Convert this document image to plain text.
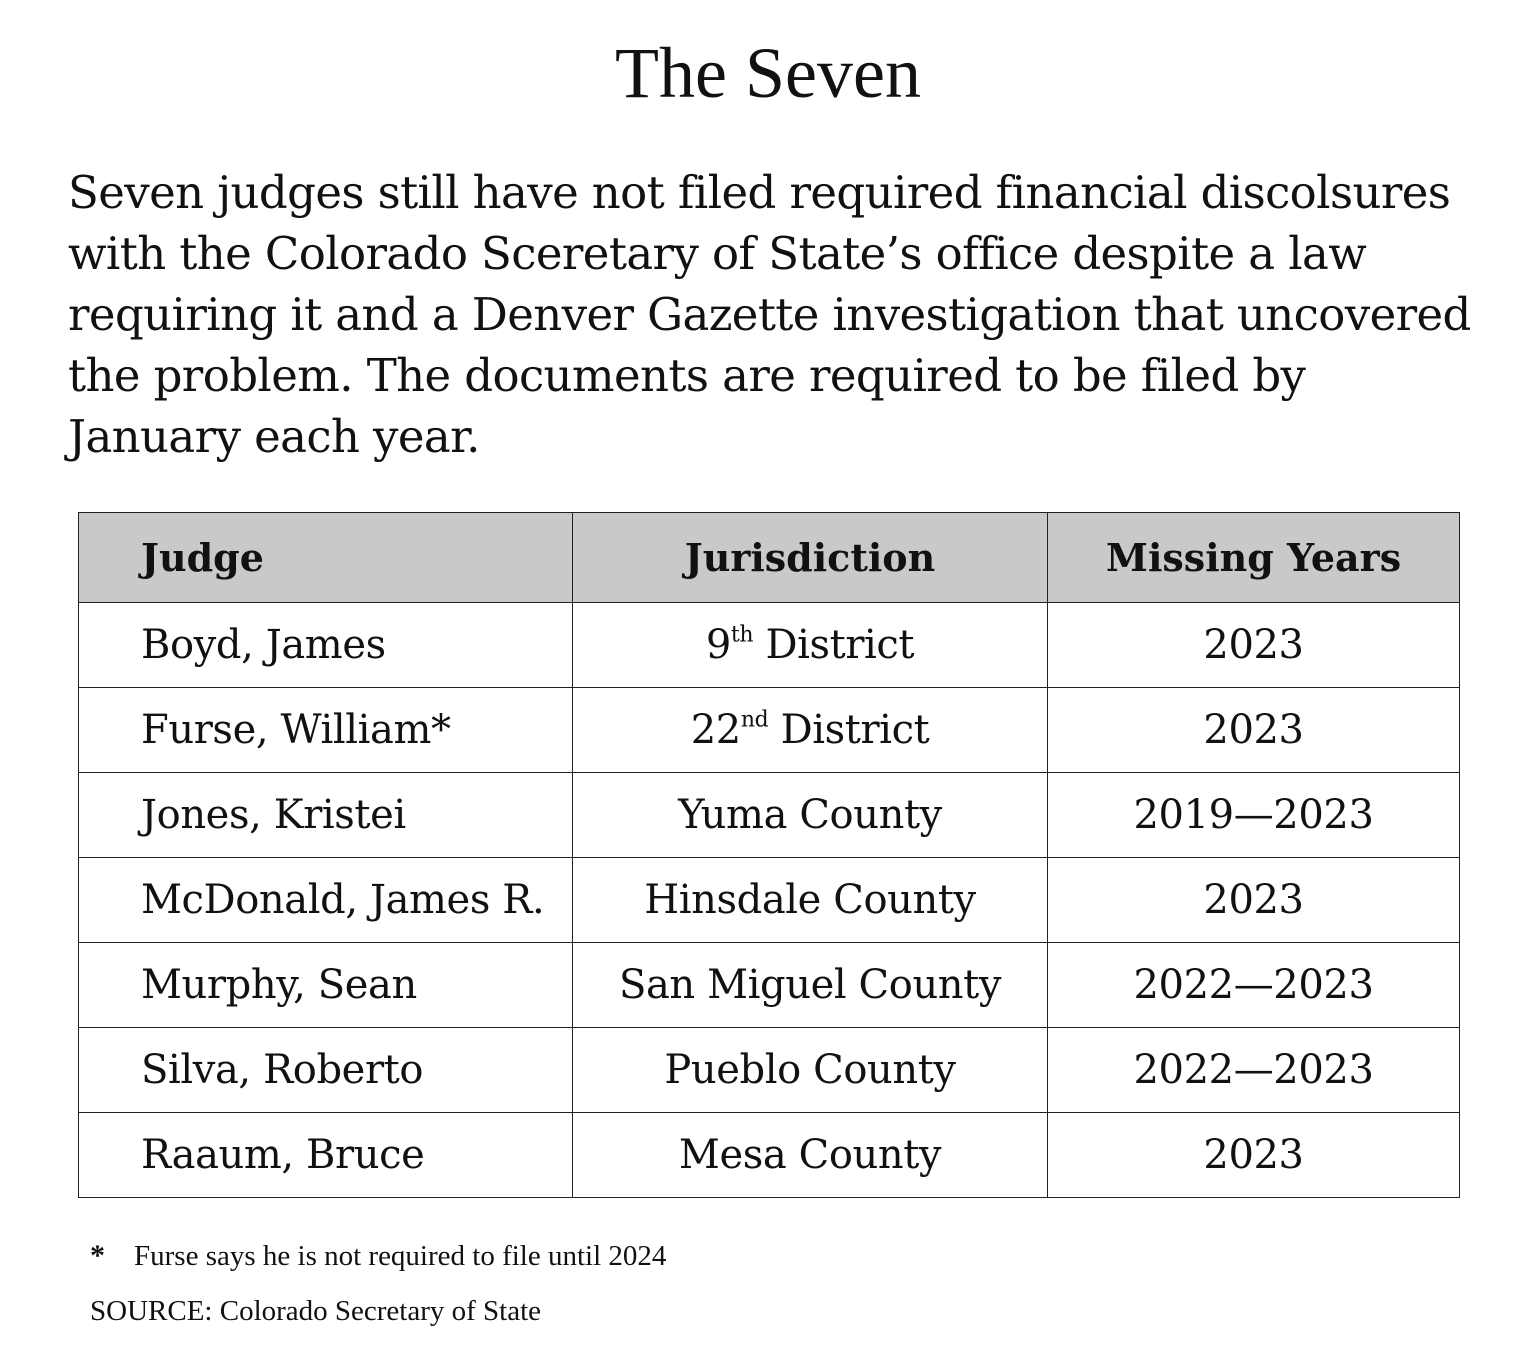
The Seven

Seven judges still have not filed required financial discolsures with the Colorado Sceretary of State’s office despite a law requiring it and a Denver Gazette investigation that uncovered the problem. The documents are required to be filed by January each year.

Judge	Jurisdiction	Missing Years
Boyd, James	9th District	2023
Furse, William*	22nd District	2023
Jones, Kristei	Yuma County	2019—2023
McDonald, James R.	Hinsdale County	2023
Murphy, Sean	San Miguel County	2022—2023
Silva, Roberto	Pueblo County	2022—2023
Raaum, Bruce	Mesa County	2023
*	Furse says he is not required to file until 2024
SOURCE: Colorado Secretary of State
